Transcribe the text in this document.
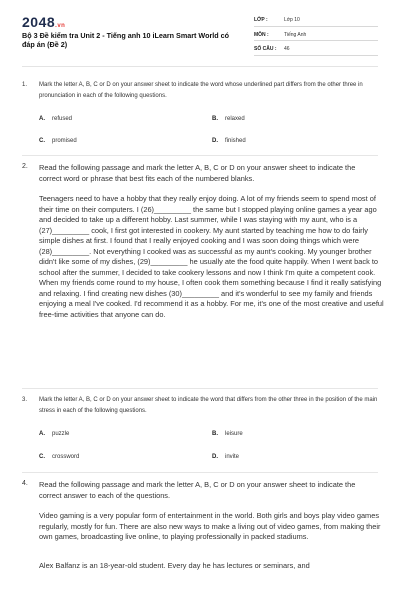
2048.vn
Bộ 3 Đề kiểm tra Unit 2 - Tiếng anh 10 iLearn Smart World có đáp án (Đề 2)
LỚP :	Lớp 10
MÔN :	Tiếng Anh
SỐ CÂU :	46
1. Mark the letter A, B, C or D on your answer sheet to indicate the word whose underlined part differs from the other three in pronunciation in each of the following questions.
A. refused	B. relaxed
C. promised	D. finished
2. Read the following passage and mark the letter A, B, C or D on your answer sheet to indicate the correct word or phrase that best fits each of the numbered blanks.

Teenagers need to have a hobby that they really enjoy doing. A lot of my friends seem to spend most of their time on their computers. I (26)_________ the same but I stopped playing online games a year ago and decided to take up a different hobby. Last summer, while I was staying with my aunt, who is a (27)_________ cook, I first got interested in cookery. My aunt started by teaching me how to do fairly simple dishes at first. I found that I really enjoyed cooking and I was soon doing things which were (28)_________. Not everything I cooked was as successful as my aunt's cooking. My younger brother didn't like some of my dishes, (29)_________ he usually ate the food quite happily. When I went back to school after the summer, I decided to take cookery lessons and now I think I'm quite a competent cook. When my friends come round to my house, I often cook them something because I find it really satisfying and relaxing. I find creating new dishes (30)_________ and it's wonderful to see my family and friends enjoying a meal I've cooked. I'd recommend it as a hobby. For me, it's one of the most creative and useful free-time activities that anyone can do.

3. Mark the letter A, B, C or D on your answer sheet to indicate the word that differs from the other three in the position of the main stress in each of the following questions.
A. puzzle	B. leisure
C. crossword	D. invite
4. Read the following passage and mark the letter A, B, C or D on your answer sheet to indicate the correct answer to each of the questions.

Video gaming is a very popular form of entertainment in the world. Both girls and boys play video games regularly, mostly for fun. There are also new ways to make a living out of video games, from making their own games, broadcasting live online, to playing professionally in packed stadiums.

Alex Balfanz is an 18-year-old student. Every day he has lectures or seminars, and
